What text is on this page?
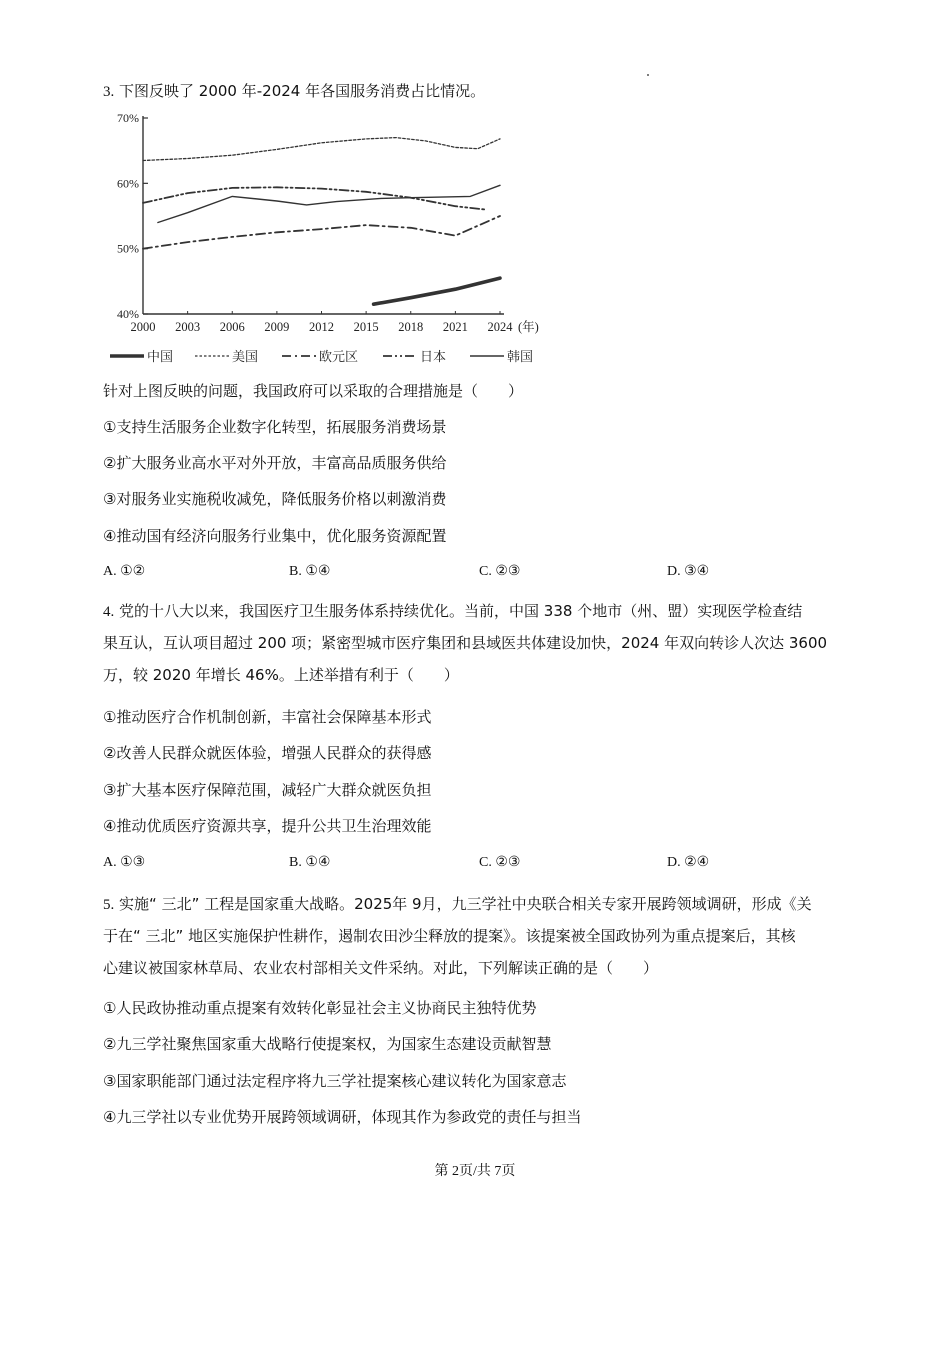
3. 下图反映了 2000 年-2024 年各国服务消费占比情况。
70%
60%
50%
40%
2000 2003 2006 2009 2012 2015 2018 2021 2024 (年)
中国	美国	欧元区	日本	韩国
针对上图反映的问题，我国政府可以采取的合理措施是（　　）
①支持生活服务企业数字化转型，拓展服务消费场景
②扩大服务业高水平对外开放，丰富高品质服务供给
③对服务业实施税收减免，降低服务价格以刺激消费
④推动国有经济向服务行业集中，优化服务资源配置
A. ①②	B. ①④	C. ②③	D. ③④
4. 党的十八大以来，我国医疗卫生服务体系持续优化。当前，中国 338 个地市（州、盟）实现医学检查结
果互认，互认项目超过 200 项；紧密型城市医疗集团和县域医共体建设加快，2024 年双向转诊人次达 3600
万，较 2020 年增长 46%。上述举措有利于（　　）
①推动医疗合作机制创新，丰富社会保障基本形式
②改善人民群众就医体验，增强人民群众的获得感
③扩大基本医疗保障范围，减轻广大群众就医负担
④推动优质医疗资源共享，提升公共卫生治理效能
A. ①③	B. ①④	C. ②③	D. ②④
5. 实施“ 三北” 工程是国家重大战略。2025年 9月，九三学社中央联合相关专家开展跨领域调研，形成《关
于在“ 三北” 地区实施保护性耕作，遏制农田沙尘释放的提案》。该提案被全国政协列为重点提案后，其核
心建议被国家林草局、农业农村部相关文件采纳。对此，下列解读正确的是（　　）
①人民政协推动重点提案有效转化彰显社会主义协商民主独特优势
②九三学社聚焦国家重大战略行使提案权，为国家生态建设贡献智慧
③国家职能部门通过法定程序将九三学社提案核心建议转化为国家意志
④九三学社以专业优势开展跨领域调研，体现其作为参政党的责任与担当
第 2页/共 7页
